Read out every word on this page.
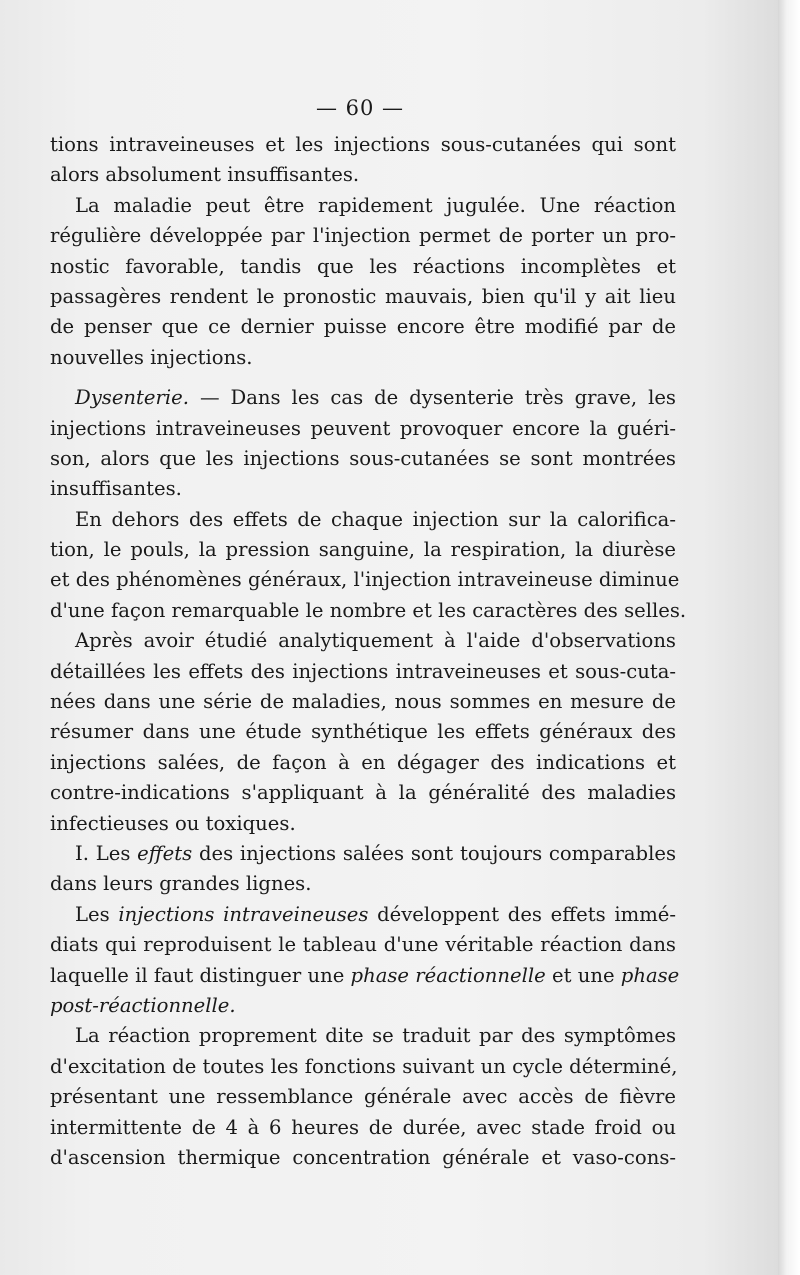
— 60 —
tions intraveineuses et les injections sous-cutanées qui sont
alors absolument insuffisantes.
La maladie peut être rapidement jugulée. Une réaction
régulière développée par l'injection permet de porter un pro-
nostic favorable, tandis que les réactions incomplètes et
passagères rendent le pronostic mauvais, bien qu'il y ait lieu
de penser que ce dernier puisse encore être modifié par de
nouvelles injections.
Dysenterie. — Dans les cas de dysenterie très grave, les
injections intraveineuses peuvent provoquer encore la guéri-
son, alors que les injections sous-cutanées se sont montrées
insuffisantes.
En dehors des effets de chaque injection sur la calorifica-
tion, le pouls, la pression sanguine, la respiration, la diurèse
et des phénomènes généraux, l'injection intraveineuse diminue
d'une façon remarquable le nombre et les caractères des selles.
Après avoir étudié analytiquement à l'aide d'observations
détaillées les effets des injections intraveineuses et sous-cuta-
nées dans une série de maladies, nous sommes en mesure de
résumer dans une étude synthétique les effets généraux des
injections salées, de façon à en dégager des indications et
contre-indications s'appliquant à la généralité des maladies
infectieuses ou toxiques.
I. Les effets des injections salées sont toujours comparables
dans leurs grandes lignes.
Les injections intraveineuses développent des effets immé-
diats qui reproduisent le tableau d'une véritable réaction dans
laquelle il faut distinguer une phase réactionnelle et une phase
post-réactionnelle.
La réaction proprement dite se traduit par des symptômes
d'excitation de toutes les fonctions suivant un cycle déterminé,
présentant une ressemblance générale avec accès de fièvre
intermittente de 4 à 6 heures de durée, avec stade froid ou
d'ascension thermique concentration générale et vaso-cons-
